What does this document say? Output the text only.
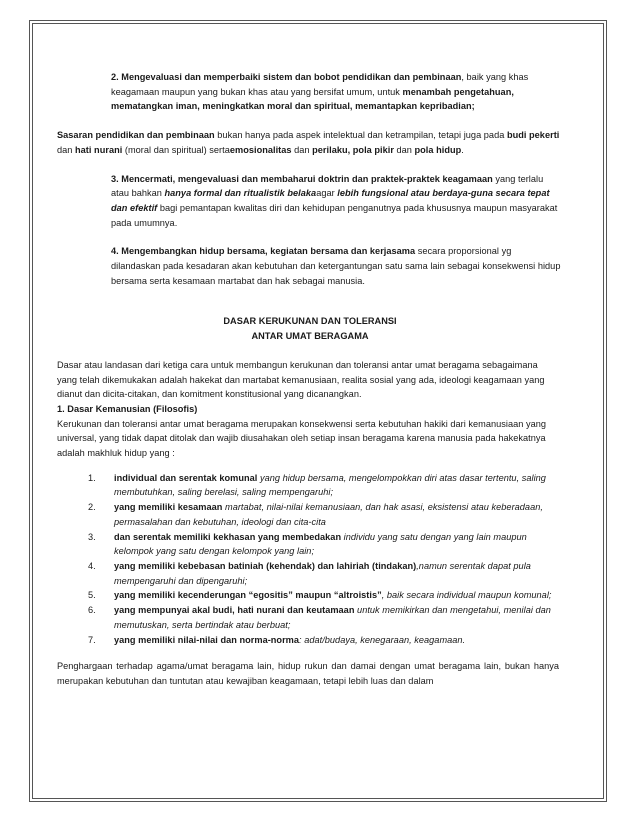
2. Mengevaluasi dan memperbaiki sistem dan bobot pendidikan dan pembinaan, baik yang khas keagamaan maupun yang bukan khas atau yang bersifat umum, untuk menambah pengetahuan, mematangkan iman, meningkatkan moral dan spiritual, memantapkan kepribadian;

Sasaran pendidikan dan pembinaan bukan hanya pada aspek intelektual dan ketrampilan, tetapi juga pada budi pekerti dan hati nurani (moral dan spiritual) sertaemosionalitas dan perilaku, pola pikir dan pola hidup.

3. Mencermati, mengevaluasi dan membaharui doktrin dan praktek-praktek keagamaan yang terlalu atau bahkan hanya formal dan ritualistik belakaagar lebih fungsional atau berdaya-guna secara tepat dan efektif bagi pemantapan kwalitas diri dan kehidupan penganutnya pada khususnya maupun masyarakat pada umumnya.

4. Mengembangkan hidup bersama, kegiatan bersama dan kerjasama secara proporsional yg dilandaskan pada kesadaran akan kebutuhan dan ketergantungan satu sama lain sebagai konsekwensi hidup bersama serta kesamaan martabat dan hak sebagai manusia.

DASAR KERUKUNAN DAN TOLERANSI

ANTAR UMAT BERAGAMA

Dasar atau landasan dari ketiga cara untuk membangun kerukunan dan toleransi antar umat beragama sebagaimana yang telah dikemukakan adalah hakekat dan martabat kemanusiaan, realita sosial yang ada, ideologi keagamaan yang dianut dan dicita-citakan, dan komitment konstitusional yang dicanangkan.

1. Dasar Kemanusian (Filosofis)

Kerukunan dan toleransi antar umat beragama merupakan konsekwensi serta kebutuhan hakiki dari kemanusiaan yang universal, yang tidak dapat ditolak dan wajib diusahakan oleh setiap insan beragama karena manusia pada hakekatnya adalah makhluk hidup yang :

1. individual dan serentak komunal yang hidup bersama, mengelompokkan diri atas dasar tertentu, saling membutuhkan, saling berelasi, saling mempengaruhi;
2. yang memiliki kesamaan martabat, nilai-nilai kemanusiaan, dan hak asasi, eksistensi atau keberadaan, permasalahan dan kebutuhan, ideologi dan cita-cita
3. dan serentak memiliki kekhasan yang membedakan individu yang satu dengan yang lain maupun kelompok yang satu dengan kelompok yang lain;
4. yang memiliki kebebasan batiniah (kehendak) dan lahiriah (tindakan),namun serentak dapat pula mempengaruhi dan dipengaruhi;
5. yang memiliki kecenderungan “egositis” maupun “altroistis”, baik secara individual maupun komunal;
6. yang mempunyai akal budi, hati nurani dan keutamaan untuk memikirkan dan mengetahui, menilai dan memutuskan, serta bertindak atau berbuat;
7. yang memiliki nilai-nilai dan norma-norma: adat/budaya, kenegaraan, keagamaan.

Penghargaan terhadap agama/umat beragama lain, hidup rukun dan damai dengan umat beragama lain, bukan hanya merupakan kebutuhan dan tuntutan atau kewajiban keagamaan, tetapi lebih luas dan dalam
